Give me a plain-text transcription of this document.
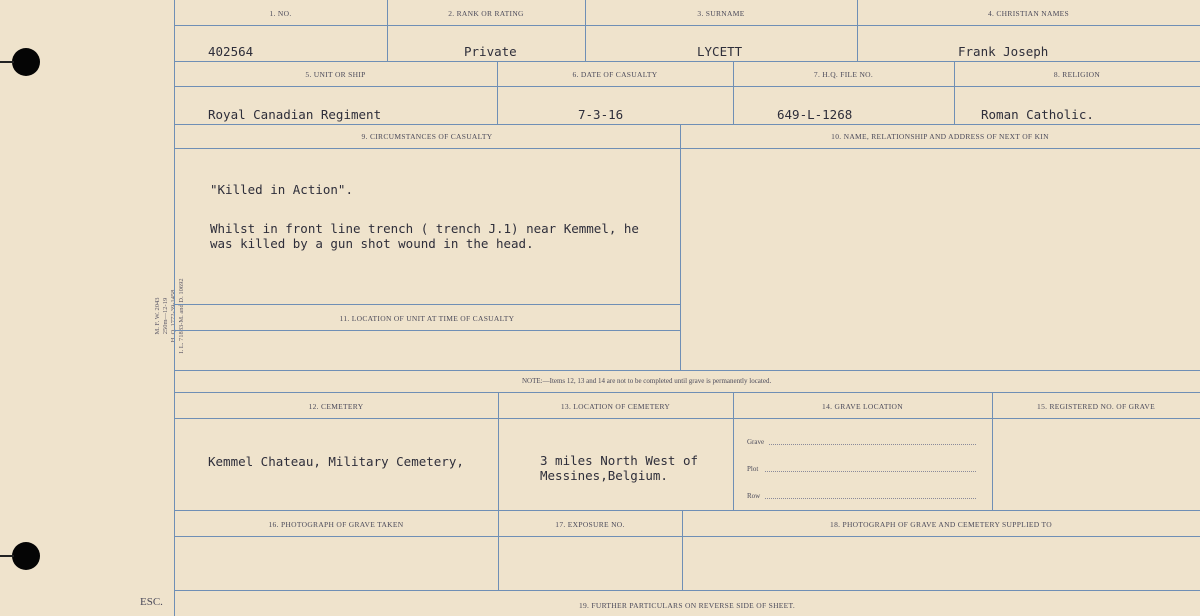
M. F. W. 2043
250m—12-19
H. Q. 1772-39-1458
I. L. 71883-M. and D. 10692
ESC.
1. NO.	2. RANK OR RATING	3. SURNAME	4. CHRISTIAN NAMES
402564	Private	LYCETT	Frank Joseph
5. UNIT OR SHIP	6. DATE OF CASUALTY	7. H.Q. FILE NO.	8. RELIGION
Royal Canadian Regiment	7-3-16	649-L-1268	Roman Catholic.
9. CIRCUMSTANCES OF CASUALTY	10. NAME, RELATIONSHIP AND ADDRESS OF NEXT OF KIN
"Killed in Action".
Whilst in front line trench ( trench J.1) near Kemmel, he
was killed by a gun shot wound in the head.
11. LOCATION OF UNIT AT TIME OF CASUALTY
NOTE:—Items 12, 13 and 14 are not to be completed until grave is permanently located.
12. CEMETERY	13. LOCATION OF CEMETERY	14. GRAVE LOCATION	15. REGISTERED NO. OF GRAVE
Kemmel Chateau, Military Cemetery,	3 miles North West of
Messines,Belgium.
Grave
Plot
Row
16. PHOTOGRAPH OF GRAVE TAKEN	17. EXPOSURE NO.	18. PHOTOGRAPH OF GRAVE AND CEMETERY SUPPLIED TO
19. FURTHER PARTICULARS ON REVERSE SIDE OF SHEET.
